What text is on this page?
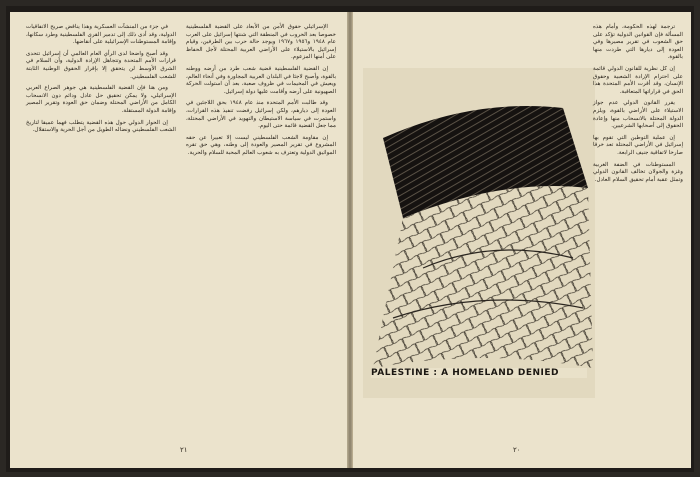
الإسرائيلي حقوق الأمن من الأبعاد على القضية الفلسطينية خصوصا بعد الحروب في المنطقة التي شنتها إسرائيل على العرب عام ١٩٤٨ و١٩٥٦ و١٩٦٧ ويوجد حالة حرب بين الطرفين، وقيام إسرائيل بالاستيلاء على الأراضي العربية المحتلة لأجل الحفاظ على أمنها المزعوم.

إن القضية الفلسطينية قضية شعب طرد من أرضه ووطنه بالقوة، وأصبح لاجئا في البلدان العربية المجاورة وفي أنحاء العالم، ويعيش في المخيمات في ظروف صعبة، بعد أن استولت الحركة الصهيونية على أرضه وأقامت عليها دولة إسرائيل.

وقد طالبت الأمم المتحدة منذ عام ١٩٤٨ بحق اللاجئين في العودة إلى ديارهم، ولكن إسرائيل رفضت تنفيذ هذه القرارات، واستمرت في سياسة الاستيطان والتهويد في الأراضي المحتلة، مما جعل القضية قائمة حتى اليوم.

إن مقاومة الشعب الفلسطيني ليست إلا تعبيرا عن حقه المشروع في تقرير المصير والعودة إلى وطنه، وهي حق تقره المواثيق الدولية وتعترف به شعوب العالم المحبة للسلام والحرية.

في جزء من المنشآت العسكرية وهذا يناقض صريح الاتفاقيات الدولية، وقد أدى ذلك إلى تدمير القرى الفلسطينية وطرد سكانها، وإقامة المستوطنات الإسرائيلية على أنقاضها.

وقد أصبح واضحا لدى الرأي العام العالمي أن إسرائيل تتحدى قرارات الأمم المتحدة وتتجاهل الإرادة الدولية، وأن السلام في الشرق الأوسط لن يتحقق إلا بإقرار الحقوق الوطنية الثابتة للشعب الفلسطيني.

ومن هنا فإن القضية الفلسطينية هي جوهر الصراع العربي الإسرائيلي، ولا يمكن تحقيق حل عادل ودائم دون الانسحاب الكامل من الأراضي المحتلة وضمان حق العودة وتقرير المصير وإقامة الدولة المستقلة.

إن الحوار الدولي حول هذه القضية يتطلب فهما عميقا لتاريخ الشعب الفلسطيني ونضاله الطويل من أجل الحرية والاستقلال.

٢١
PALESTINE : A HOMELAND DENIED

ترجمة لهذه الحكومة، وأمام هذه المسألة فإن القوانين الدولية تؤكد على حق الشعوب في تقرير مصيرها وفي العودة إلى ديارها التي طردت منها بالقوة.

إن كل نظرية للقانون الدولي قائمة على احترام الإرادة الشعبية وحقوق الإنسان، وقد أقرت الأمم المتحدة هذا الحق في قراراتها المتعاقبة.

يقرر القانون الدولي عدم جواز الاستيلاء على الأراضي بالقوة، ويلزم الدولة المحتلة بالانسحاب منها وإعادة الحقوق إلى أصحابها الشرعيين.

إن عملية التوطين التي تقوم بها إسرائيل في الأراضي المحتلة تعد خرقا صارخا لاتفاقية جنيف الرابعة.

المستوطنات في الضفة الغربية وغزة والجولان تخالف القانون الدولي وتمثل عقبة أمام تحقيق السلام العادل.

٢٠
